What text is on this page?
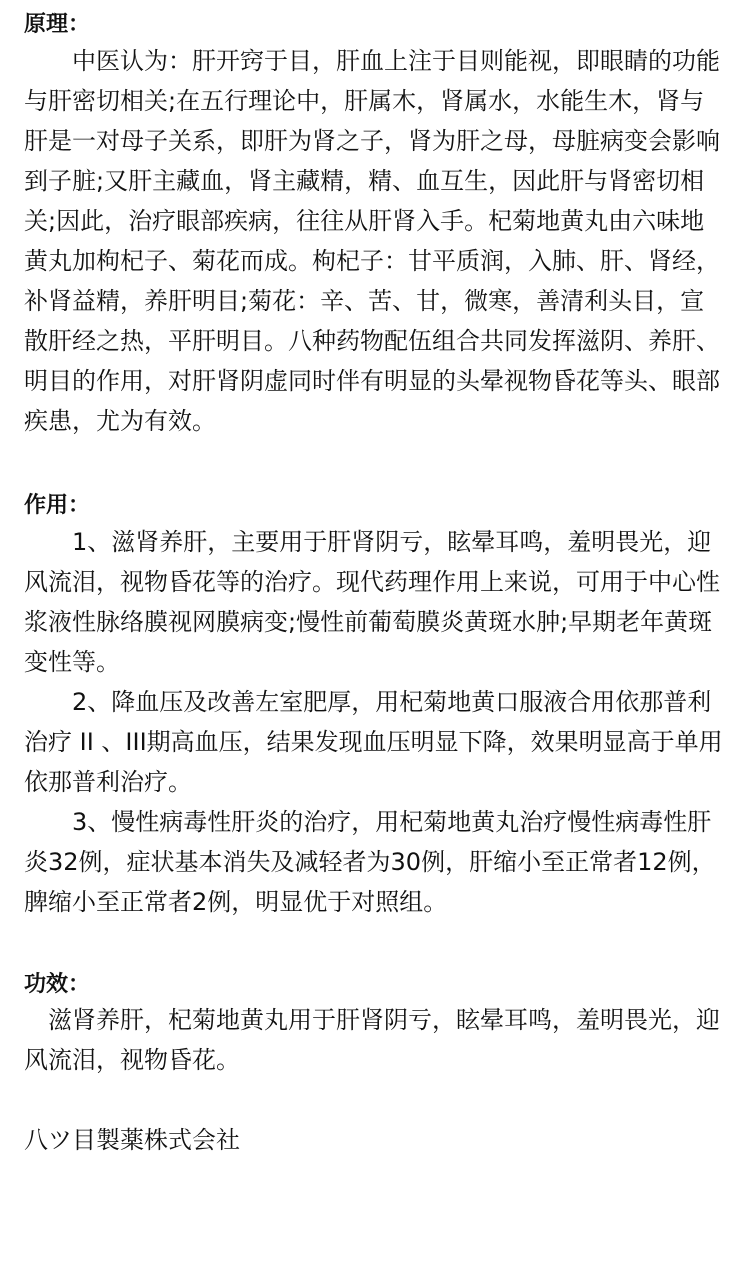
原理：

中医认为：肝开窍于目，肝血上注于目则能视，即眼睛的功能与肝密切相关;在五行理论中，肝属木，肾属水，水能生木，肾与肝是一对母子关系，即肝为肾之子，肾为肝之母，母脏病变会影响到子脏;又肝主藏血，肾主藏精，精、血互生，因此肝与肾密切相关;因此，治疗眼部疾病，往往从肝肾入手。杞菊地黄丸由六味地黄丸加枸杞子、菊花而成。枸杞子：甘平质润，入肺、肝、肾经，补肾益精，养肝明目;菊花：辛、苦、甘，微寒，善清利头目，宣散肝经之热，平肝明目。八种药物配伍组合共同发挥滋阴、养肝、明目的作用，对肝肾阴虚同时伴有明显的头晕视物昏花等头、眼部疾患，尤为有效。

作用：

1、滋肾养肝，主要用于肝肾阴亏，眩晕耳鸣，羞明畏光，迎风流泪，视物昏花等的治疗。现代药理作用上来说，可用于中心性浆液性脉络膜视网膜病变;慢性前葡萄膜炎黄斑水肿;早期老年黄斑变性等。

2、降血压及改善左室肥厚，用杞菊地黄口服液合用依那普利治疗 II 、III期高血压，结果发现血压明显下降，效果明显高于单用依那普利治疗。

3、慢性病毒性肝炎的治疗，用杞菊地黄丸治疗慢性病毒性肝炎32例，症状基本消失及减轻者为30例，肝缩小至正常者12例，脾缩小至正常者2例，明显优于对照组。

功效：

滋肾养肝，杞菊地黄丸用于肝肾阴亏，眩晕耳鸣，羞明畏光，迎风流泪，视物昏花。

八ツ目製薬株式会社
